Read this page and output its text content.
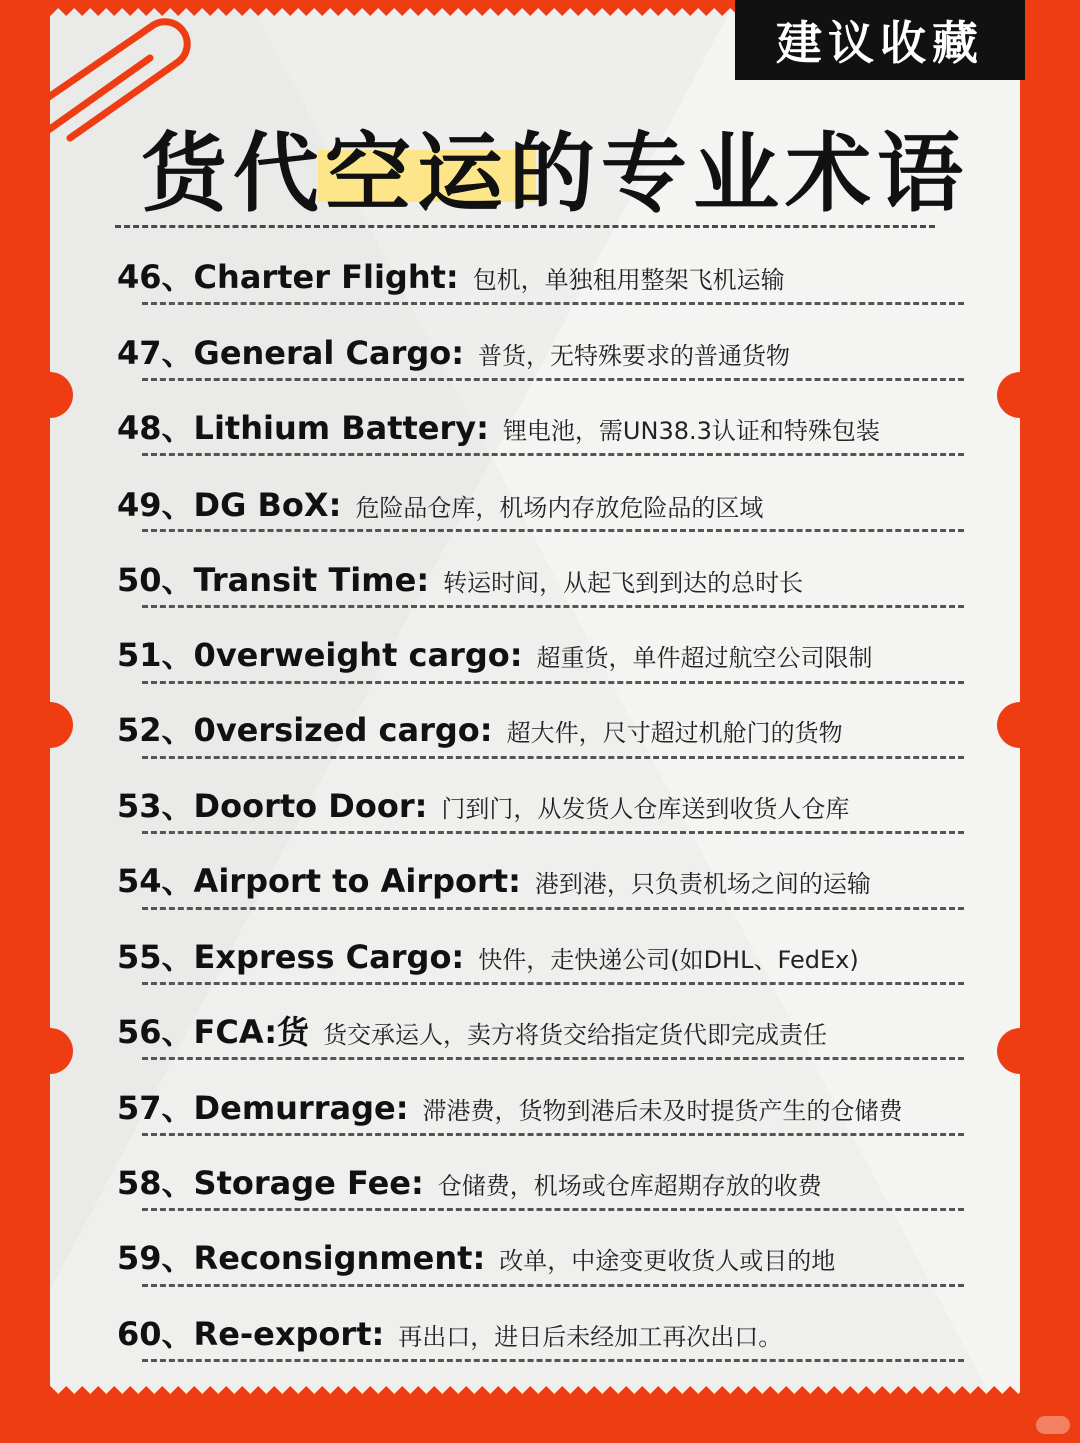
建议收藏
货代空运的专业术语
46、 Charter Flight: 包机，单独租用整架飞机运输
47、 General Cargo: 普货，无特殊要求的普通货物
48、 Lithium Battery: 锂电池，需UN38.3认证和特殊包装
49、 DG BoX: 危险品仓库，机场内存放危险品的区域
50、 Transit Time: 转运时间，从起飞到到达的总时长
51、 0verweight cargo: 超重货，单件超过航空公司限制
52、 0versized cargo: 超大件，尺寸超过机舱门的货物
53、 Doorto Door: 门到门，从发货人仓库送到收货人仓库
54、 Airport to Airport: 港到港，只负责机场之间的运输
55、 Express Cargo: 快件，走快递公司(如DHL、FedEx)
56、 FCA:货 货交承运人，卖方将货交给指定货代即完成责任
57、 Demurrage: 滞港费，货物到港后未及时提货产生的仓储费
58、 Storage Fee: 仓储费，机场或仓库超期存放的收费
59、 Reconsignment: 改单，中途变更收货人或目的地
60、 Re-export: 再出口，进日后未经加工再次出口。
